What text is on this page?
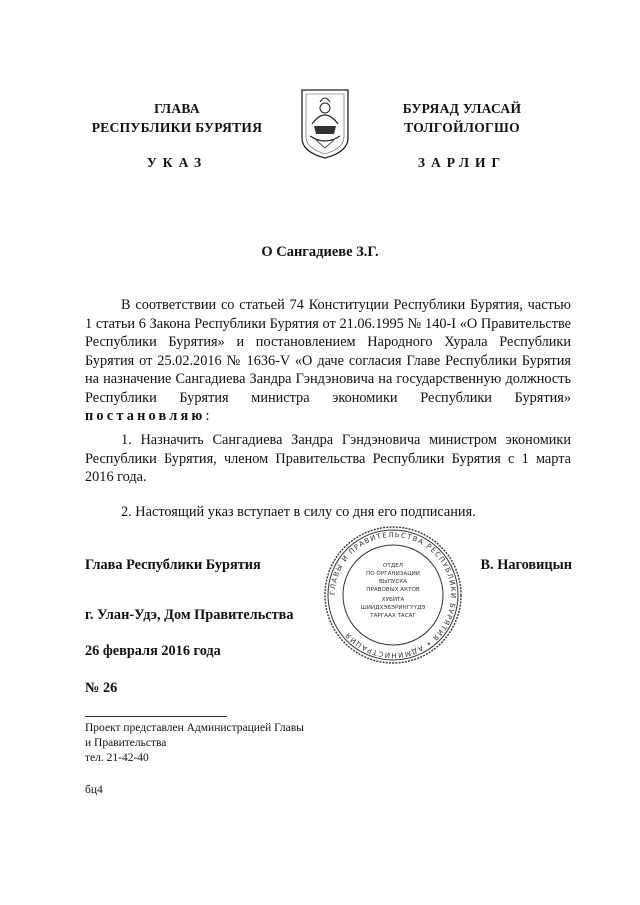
ГЛАВА
РЕСПУБЛИКИ БУРЯТИЯ
УКАЗ
БУРЯАД УЛАСАЙ
ТОЛГОЙЛОГШО
ЗАРЛИГ
О Сангадиеве З.Г.
В соответствии со статьей 74 Конституции Республики Бурятия, частью 1 статьи 6 Закона Республики Бурятия от 21.06.1995 № 140-I «О Правительстве Республики Бурятия» и постановлением Народного Хурала Республики Бурятия от 25.02.2016 № 1636-V «О даче согласия Главе Республики Бурятия на назначение Сангадиева Зандра Гэндэновича на государственную должность Республики Бурятия министра экономики Республики Бурятия» постановляю:
1. Назначить Сангадиева Зандра Гэндэновича министром экономики Республики Бурятия, членом Правительства Республики Бурятия с 1 марта 2016 года.
2. Настоящий указ вступает в силу со дня его подписания.
Глава Республики Бурятия	В. Наговицын
ГЛАВЫ И ПРАВИТЕЛЬСТВА РЕСПУБЛИКИ БУРЯТИЯ • АДМИНИСТРАЦИЯ
ОТДЕЛ
ПО ОРГАНИЗАЦИИ
ВЫПУСКА
ПРАВОВЫХ АКТОВ
ХУБИТА
ШИИДХЭБЭРИНГҮҮДЭ
ТАРГААХ ТАСАГ
г. Улан-Удэ, Дом Правительства
26 февраля 2016 года
№ 26
Проект представлен Администрацией Главы
и Правительства
тел. 21-42-40
бц4
